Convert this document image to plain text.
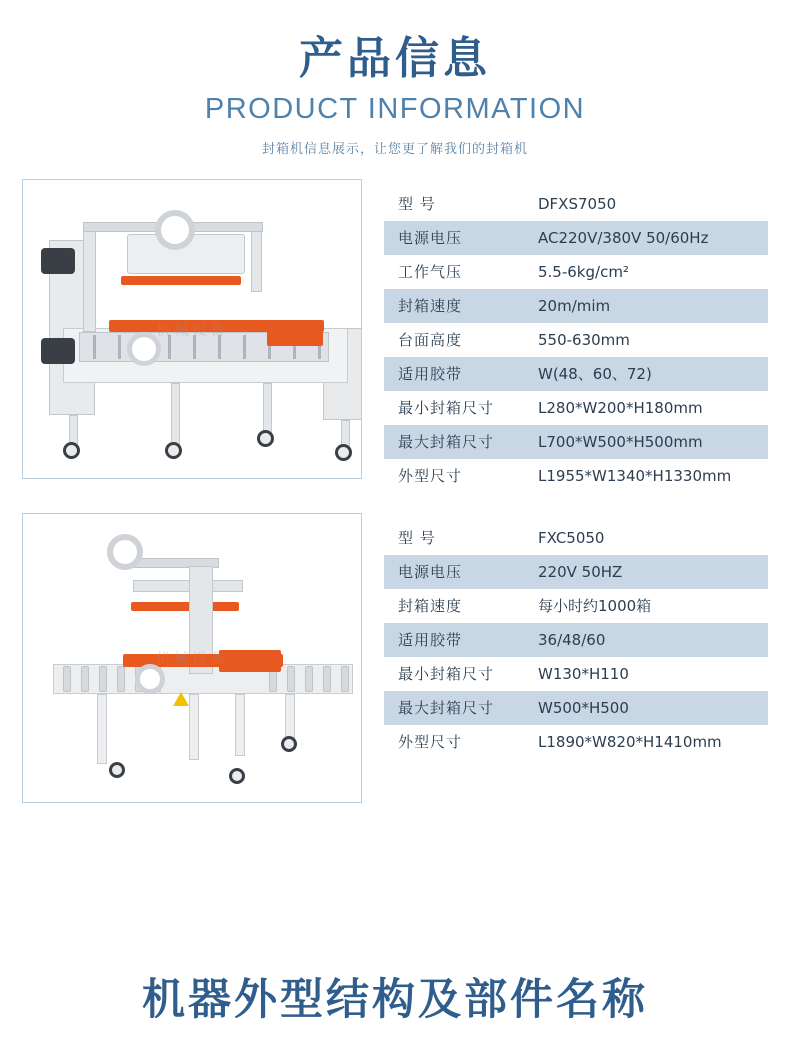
产品信息
PRODUCT INFORMATION
封箱机信息展示，让您更了解我们的封箱机
机械设备
型 号	DFXS7050
电源电压	AC220V/380V 50/60Hz
工作气压	5.5-6kg/cm²
封箱速度	20m/mim
台面高度	550-630mm
适用胶带	W(48、60、72)
最小封箱尺寸	L280*W200*H180mm
最大封箱尺寸	L700*W500*H500mm
外型尺寸	L1955*W1340*H1330mm
机械设备
型 号	FXC5050
电源电压	220V 50HZ
封箱速度	每小时约1000箱
适用胶带	36/48/60
最小封箱尺寸	W130*H110
最大封箱尺寸	W500*H500
外型尺寸	L1890*W820*H1410mm
机器外型结构及部件名称
